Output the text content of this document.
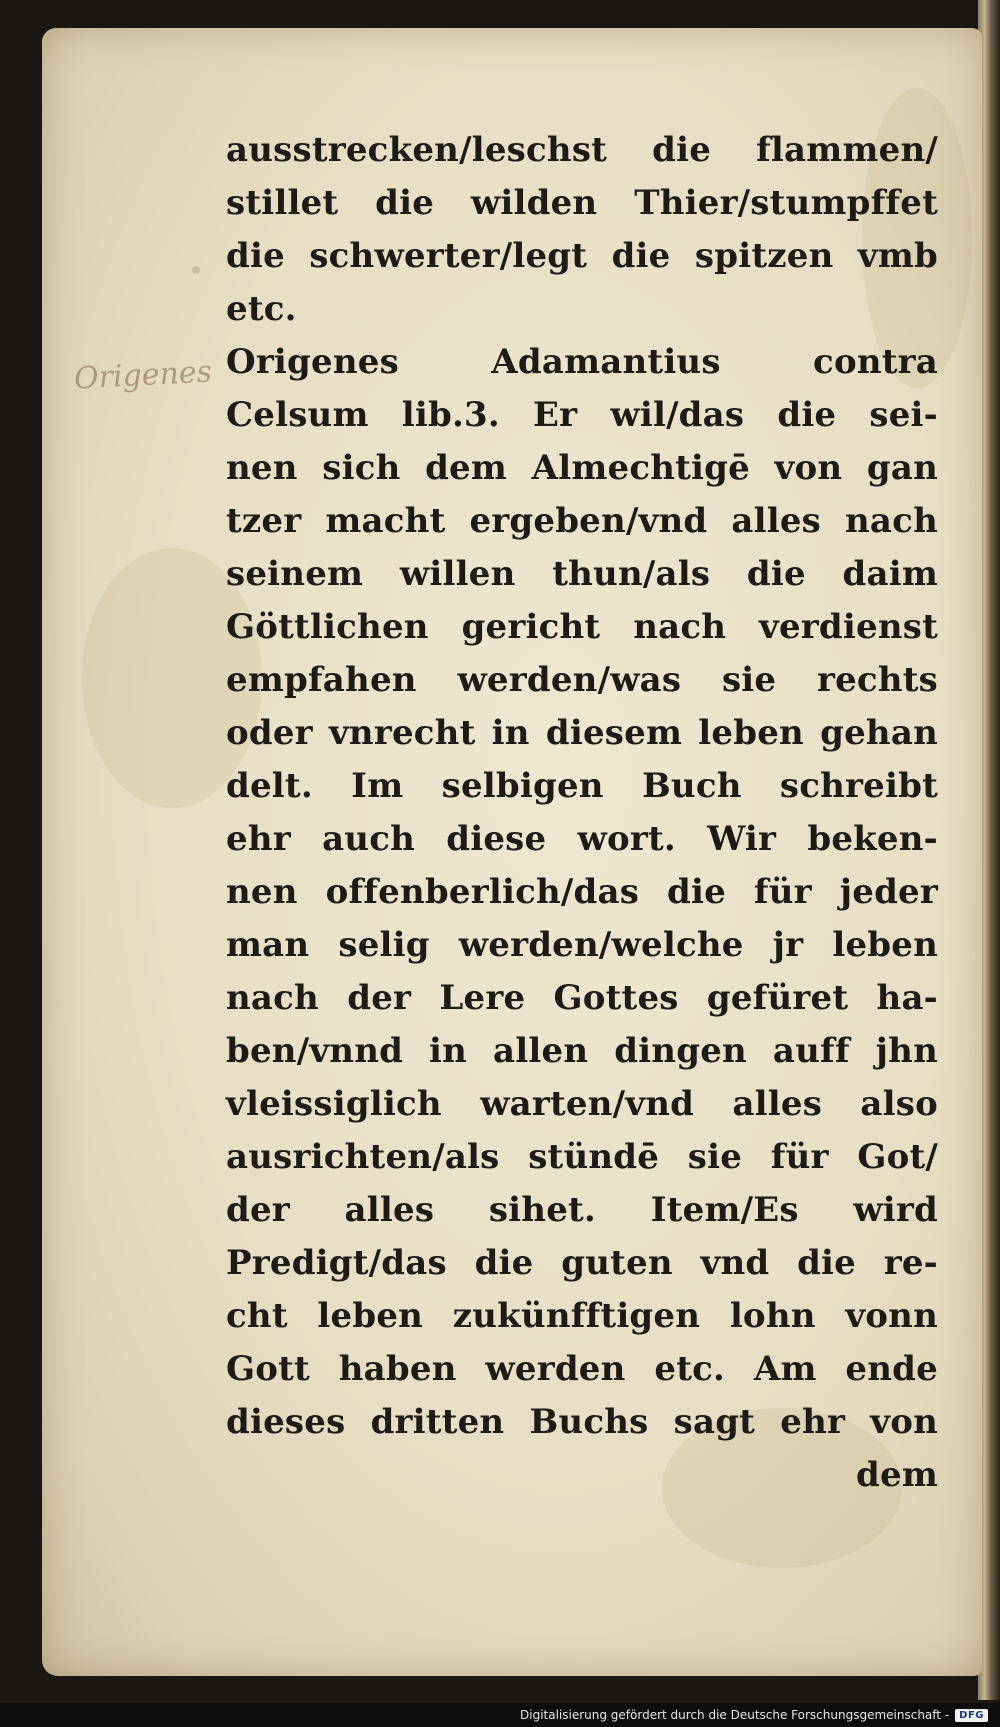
Origenes
ausstrecken/leschst die flammen/
stillet die wilden Thier/stumpffet
die schwerter/legt die spitzen vmb
etc.
Origenes Adamantius contra
Celsum lib.3. Er wil/das die sei-
nen sich dem Almechtigē von gan
tzer macht ergeben/vnd alles nach
seinem willen thun/als die daim
Göttlichen gericht nach verdienst
empfahen werden/was sie rechts
oder vnrecht in diesem leben gehan
delt. Im selbigen Buch schreibt
ehr auch diese wort. Wir beken-
nen offenberlich/das die für jeder
man selig werden/welche jr leben
nach der Lere Gottes gefüret ha-
ben/vnnd in allen dingen auff jhn
vleissiglich warten/vnd alles also
ausrichten/als stündē sie für Got/
der alles sihet. Item/Es wird
Predigt/das die guten vnd die re-
cht leben zukünfftigen lohn vonn
Gott haben werden etc. Am ende
dieses dritten Buchs sagt ehr von
dem
Digitalisierung gefördert durch die Deutsche Forschungsgemeinschaft -	DFG
